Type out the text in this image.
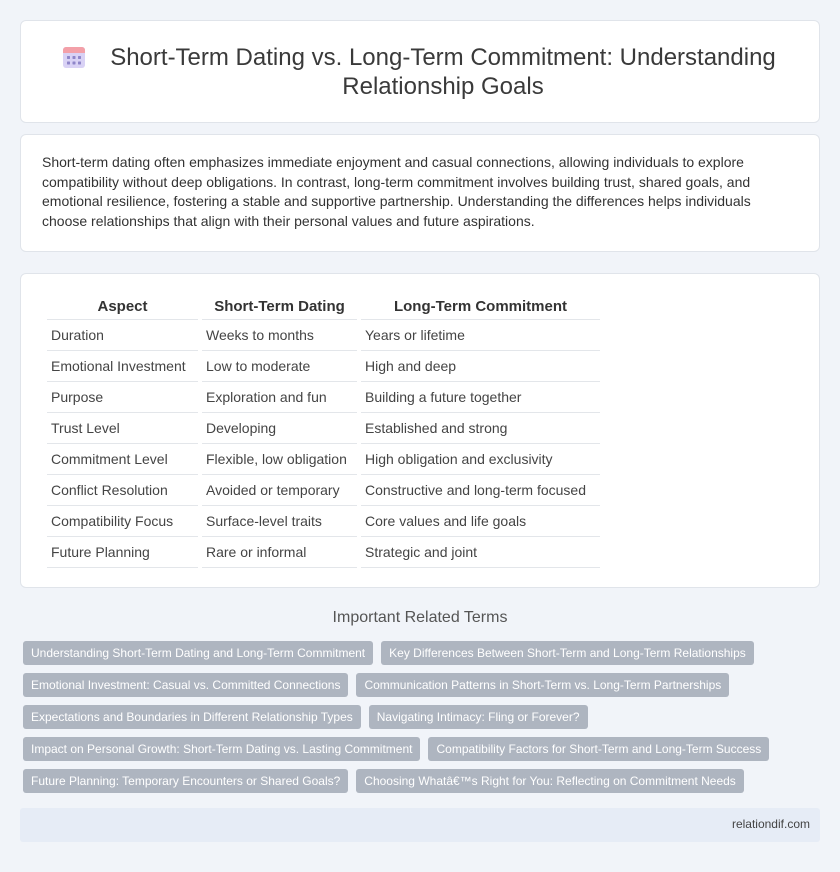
Short-Term Dating vs. Long-Term Commitment: Understanding Relationship Goals

Short-term dating often emphasizes immediate enjoyment and casual connections, allowing individuals to explore compatibility without deep obligations. In contrast, long-term commitment involves building trust, shared goals, and emotional resilience, fostering a stable and supportive partnership. Understanding the differences helps individuals choose relationships that align with their personal values and future aspirations.

Aspect	Short-Term Dating	Long-Term Commitment
Duration	Weeks to months	Years or lifetime
Emotional Investment	Low to moderate	High and deep
Purpose	Exploration and fun	Building a future together
Trust Level	Developing	Established and strong
Commitment Level	Flexible, low obligation	High obligation and exclusivity
Conflict Resolution	Avoided or temporary	Constructive and long-term focused
Compatibility Focus	Surface-level traits	Core values and life goals
Future Planning	Rare or informal	Strategic and joint
Important Related Terms
Understanding Short-Term Dating and Long-Term Commitment	Key Differences Between Short-Term and Long-Term Relationships
Emotional Investment: Casual vs. Committed Connections	Communication Patterns in Short-Term vs. Long-Term Partnerships
Expectations and Boundaries in Different Relationship Types	Navigating Intimacy: Fling or Forever?
Impact on Personal Growth: Short-Term Dating vs. Lasting Commitment	Compatibility Factors for Short-Term and Long-Term Success
Future Planning: Temporary Encounters or Shared Goals?	Choosing Whatâ€™s Right for You: Reflecting on Commitment Needs
relationdif.com
